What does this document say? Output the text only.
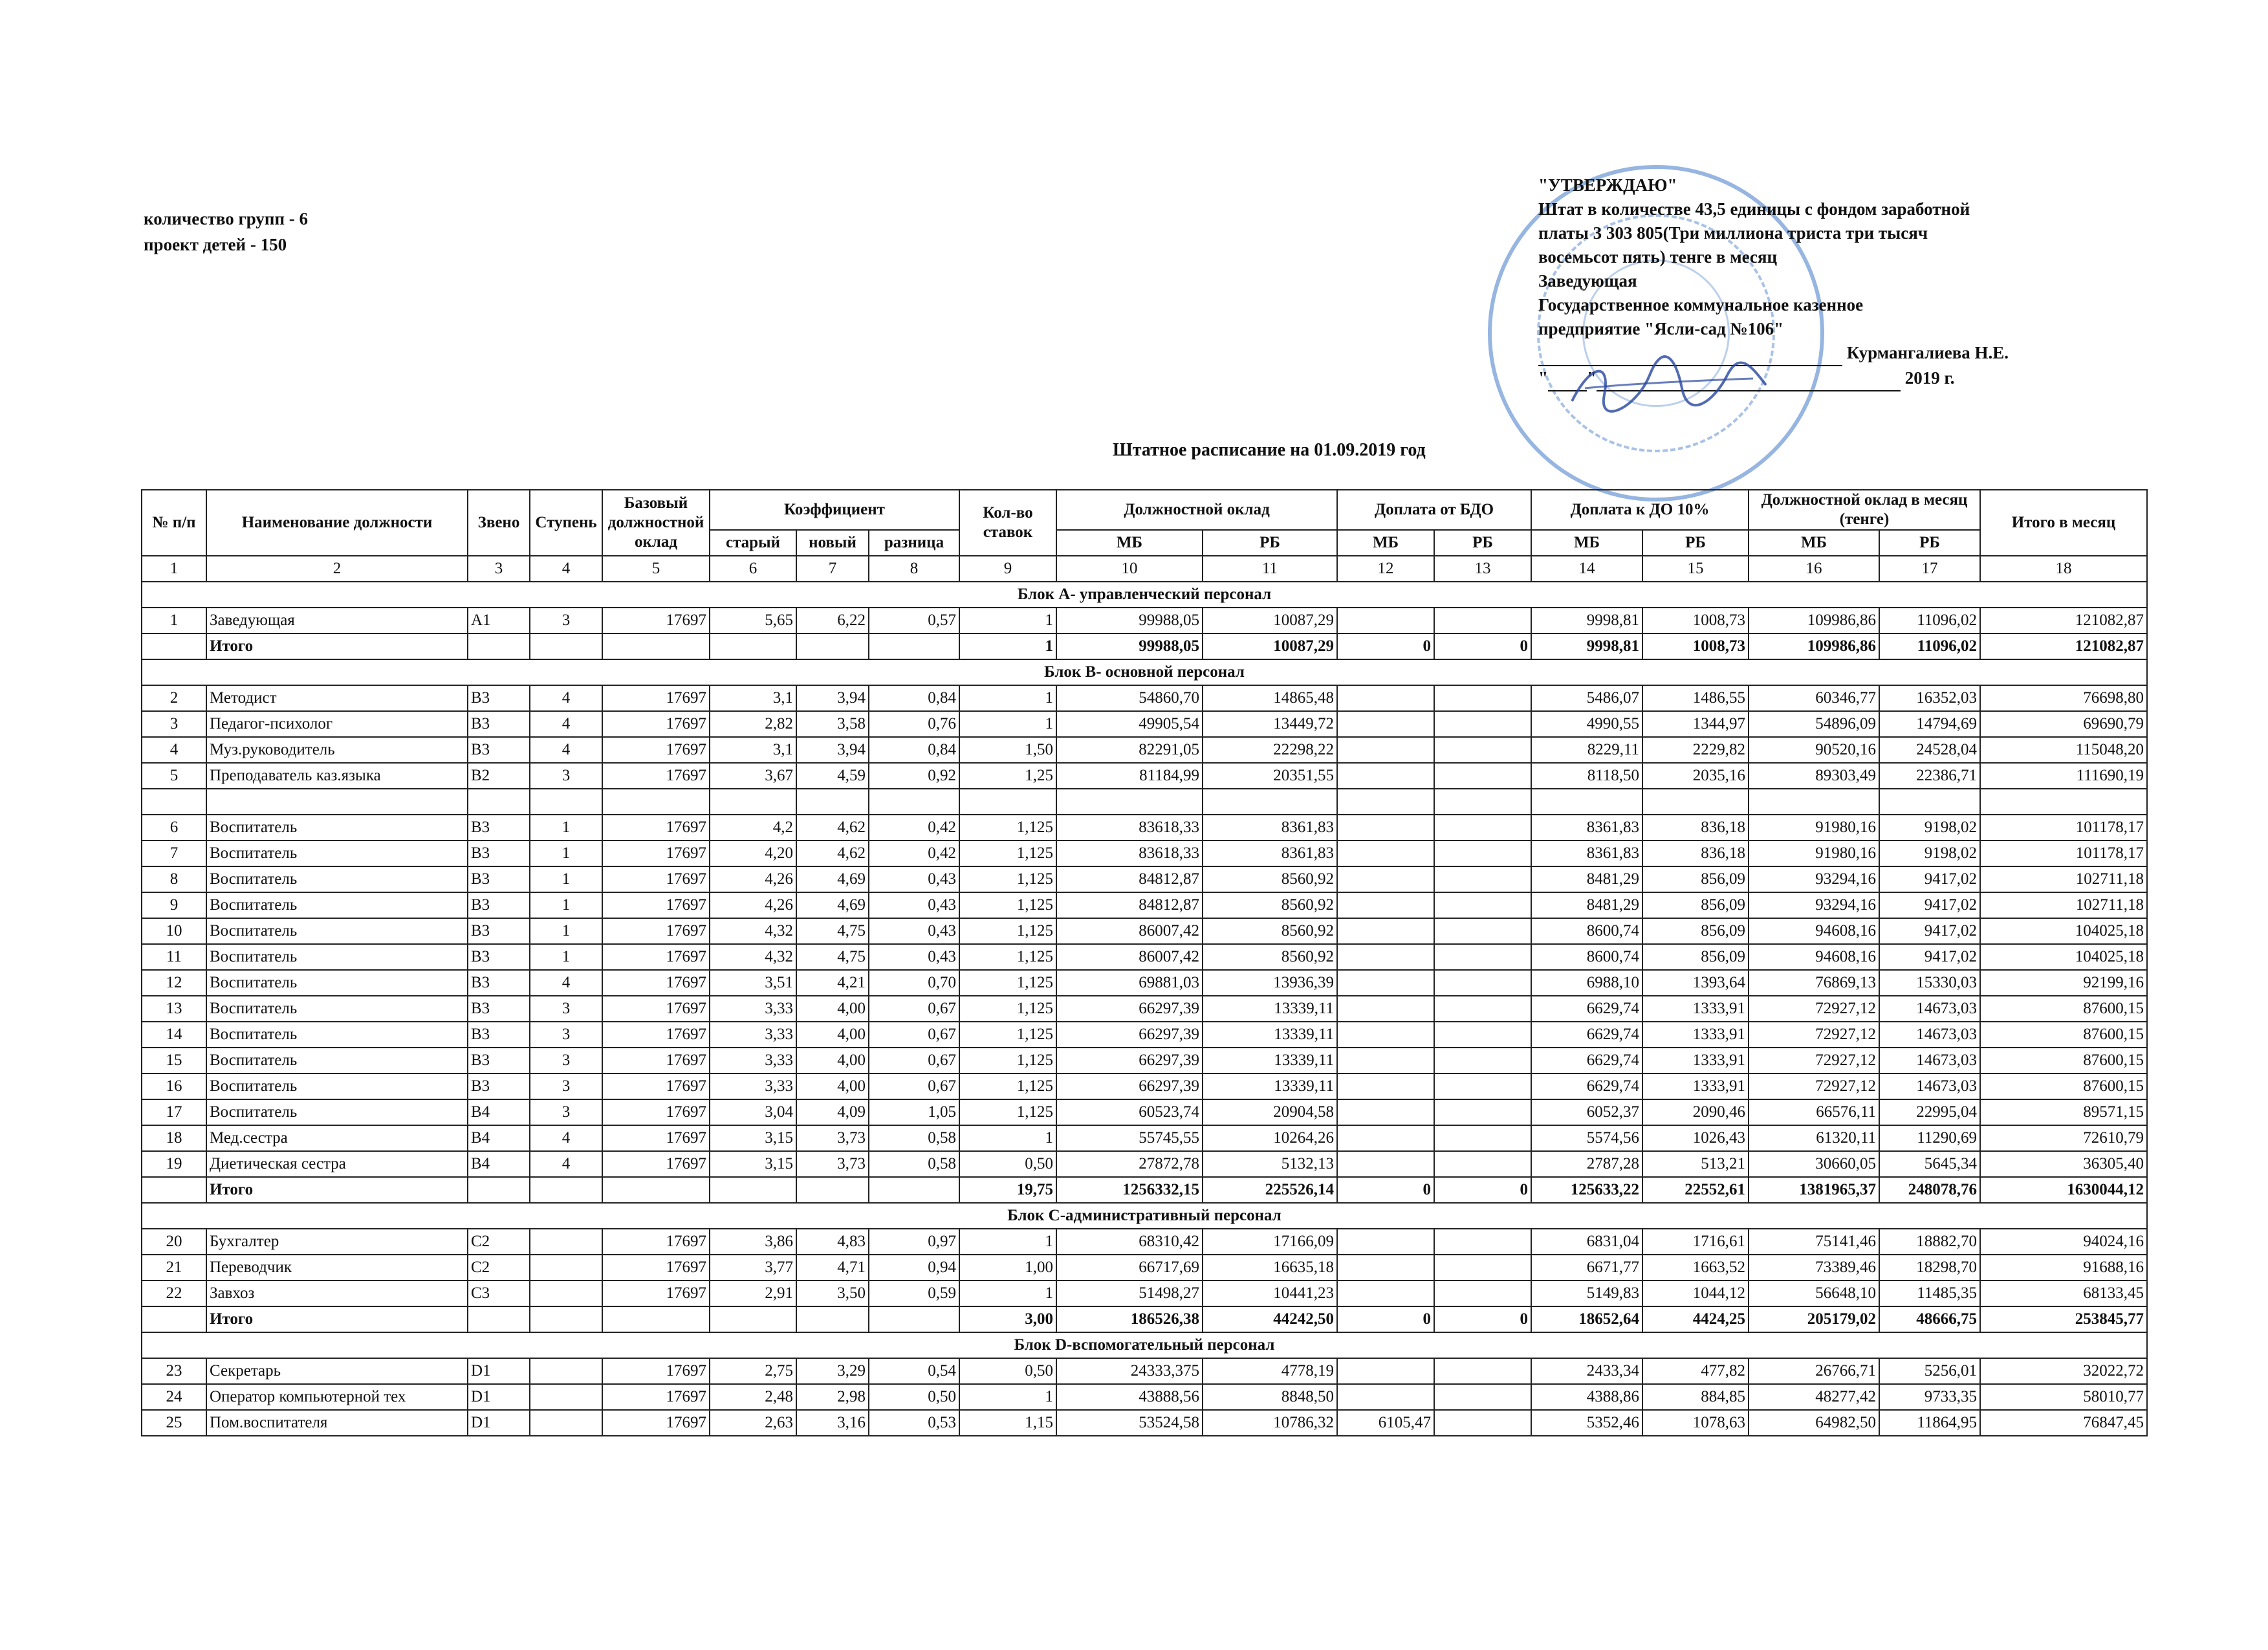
количество групп - 6
проект детей - 150
"УТВЕРЖДАЮ"
Штат в количестве 43,5 единицы с фондом заработной
платы 3 303 805(Три миллиона триста три тысяч
восемьсот пять) тенге в месяц
Заведующая
Государственное коммунальное казенное
предприятие "Ясли-сад №106"
Курмангалиева Н.Е.
" "	2019 г.
Штатное расписание на 01.09.2019 год
№ п/п	Наименование должности	Звено	Ступень	Базовый должностной оклад	Коэффициент			Кол-во ставок	Должностной оклад		Доплата от БДО		Доплата к ДО 10%		Должностной оклад в месяц (тенге)		Итого в месяц
					старый	новый	разница		МБ	РБ	МБ	РБ	МБ	РБ	МБ	РБ	
1	2	3	4	5	6	7	8	9	10	11	12	13	14	15	16	17	18
Блок А- управленческий персонал																	
1	Заведующая	А1	3	17697	5,65	6,22	0,57	1	99988,05	10087,29			9998,81	1008,73	109986,86	11096,02	121082,87
	Итого							1	99988,05	10087,29	0	0	9998,81	1008,73	109986,86	11096,02	121082,87
Блок В- основной персонал																	
2	Методист	В3	4	17697	3,1	3,94	0,84	1	54860,70	14865,48			5486,07	1486,55	60346,77	16352,03	76698,80
3	Педагог-психолог	В3	4	17697	2,82	3,58	0,76	1	49905,54	13449,72			4990,55	1344,97	54896,09	14794,69	69690,79
4	Муз.руководитель	В3	4	17697	3,1	3,94	0,84	1,50	82291,05	22298,22			8229,11	2229,82	90520,16	24528,04	115048,20
5	Преподаватель каз.языка	В2	3	17697	3,67	4,59	0,92	1,25	81184,99	20351,55			8118,50	2035,16	89303,49	22386,71	111690,19

6	Воспитатель	В3	1	17697	4,2	4,62	0,42	1,125	83618,33	8361,83			8361,83	836,18	91980,16	9198,02	101178,17
7	Воспитатель	В3	1	17697	4,20	4,62	0,42	1,125	83618,33	8361,83			8361,83	836,18	91980,16	9198,02	101178,17
8	Воспитатель	В3	1	17697	4,26	4,69	0,43	1,125	84812,87	8560,92			8481,29	856,09	93294,16	9417,02	102711,18
9	Воспитатель	В3	1	17697	4,26	4,69	0,43	1,125	84812,87	8560,92			8481,29	856,09	93294,16	9417,02	102711,18
10	Воспитатель	В3	1	17697	4,32	4,75	0,43	1,125	86007,42	8560,92			8600,74	856,09	94608,16	9417,02	104025,18
11	Воспитатель	В3	1	17697	4,32	4,75	0,43	1,125	86007,42	8560,92			8600,74	856,09	94608,16	9417,02	104025,18
12	Воспитатель	В3	4	17697	3,51	4,21	0,70	1,125	69881,03	13936,39			6988,10	1393,64	76869,13	15330,03	92199,16
13	Воспитатель	В3	3	17697	3,33	4,00	0,67	1,125	66297,39	13339,11			6629,74	1333,91	72927,12	14673,03	87600,15
14	Воспитатель	В3	3	17697	3,33	4,00	0,67	1,125	66297,39	13339,11			6629,74	1333,91	72927,12	14673,03	87600,15
15	Воспитатель	В3	3	17697	3,33	4,00	0,67	1,125	66297,39	13339,11			6629,74	1333,91	72927,12	14673,03	87600,15
16	Воспитатель	В3	3	17697	3,33	4,00	0,67	1,125	66297,39	13339,11			6629,74	1333,91	72927,12	14673,03	87600,15
17	Воспитатель	В4	3	17697	3,04	4,09	1,05	1,125	60523,74	20904,58			6052,37	2090,46	66576,11	22995,04	89571,15
18	Мед.сестра	В4	4	17697	3,15	3,73	0,58	1	55745,55	10264,26			5574,56	1026,43	61320,11	11290,69	72610,79
19	Диетическая сестра	В4	4	17697	3,15	3,73	0,58	0,50	27872,78	5132,13			2787,28	513,21	30660,05	5645,34	36305,40
	Итого							19,75	1256332,15	225526,14	0	0	125633,22	22552,61	1381965,37	248078,76	1630044,12
Блок С-административный персонал																	
20	Бухгалтер	С2		17697	3,86	4,83	0,97	1	68310,42	17166,09			6831,04	1716,61	75141,46	18882,70	94024,16
21	Переводчик	С2		17697	3,77	4,71	0,94	1,00	66717,69	16635,18			6671,77	1663,52	73389,46	18298,70	91688,16
22	Завхоз	С3		17697	2,91	3,50	0,59	1	51498,27	10441,23			5149,83	1044,12	56648,10	11485,35	68133,45
	Итого							3,00	186526,38	44242,50	0	0	18652,64	4424,25	205179,02	48666,75	253845,77
Блок D-вспомогательный персонал																	
23	Секретарь	D1		17697	2,75	3,29	0,54	0,50	24333,375	4778,19			2433,34	477,82	26766,71	5256,01	32022,72
24	Оператор компьютерной тех	D1		17697	2,48	2,98	0,50	1	43888,56	8848,50			4388,86	884,85	48277,42	9733,35	58010,77
25	Пом.воспитателя	D1		17697	2,63	3,16	0,53	1,15	53524,58	10786,32	6105,47		5352,46	1078,63	64982,50	11864,95	76847,45
